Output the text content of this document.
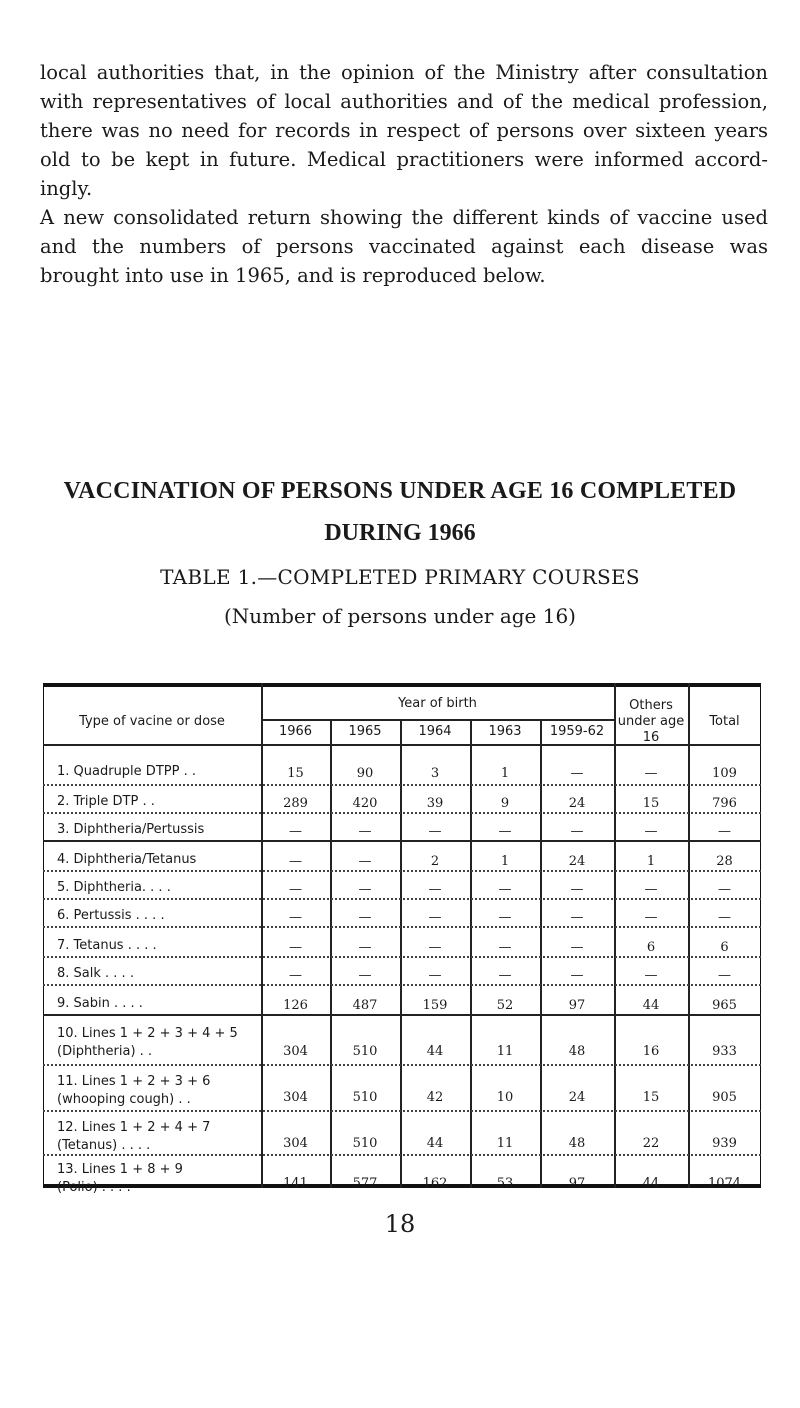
local authorities that, in the opinion of the Ministry after consultation with representatives of local authorities and of the medical profession, there was no need for records in respect of persons over sixteen years old to be kept in future. Medical practitioners were informed accord-ingly.

A new consolidated return showing the different kinds of vaccine used and the numbers of persons vaccinated against each disease was brought into use in 1965, and is reproduced below.

VACCINATION OF PERSONS UNDER AGE 16 COMPLETED
DURING 1966
TABLE 1.—COMPLETED PRIMARY COURSES
(Number of persons under age 16)
Type of vacine or dose
Year of birth
1966	1965	1964	1963	1959-62
Others under age 16
Total
1. Quadruple DTPP . .	15	90	3	1	—	—	109
2. Triple DTP . .	289	420	39	9	24	15	796
3. Diphtheria/Pertussis	—	—	—	—	—	—	—
4. Diphtheria/Tetanus	—	—	2	1	24	1	28
5. Diphtheria. . . .	—	—	—	—	—	—	—
6. Pertussis . . . .	—	—	—	—	—	—	—
7. Tetanus . . . .	—	—	—	—	—	6	6
8. Salk . . . .	—	—	—	—	—	—	—
9. Sabin . . . .	126	487	159	52	97	44	965
10. Lines 1 + 2 + 3 + 4 + 5
(Diphtheria) . .	304	510	44	11	48	16	933
11. Lines 1 + 2 + 3 + 6
(whooping cough) . .	304	510	42	10	24	15	905
12. Lines 1 + 2 + 4 + 7
(Tetanus) . . . .	304	510	44	11	48	22	939
13. Lines 1 + 8 + 9
(Polio) . . . .	141	577	162	53	97	44	1074
18
